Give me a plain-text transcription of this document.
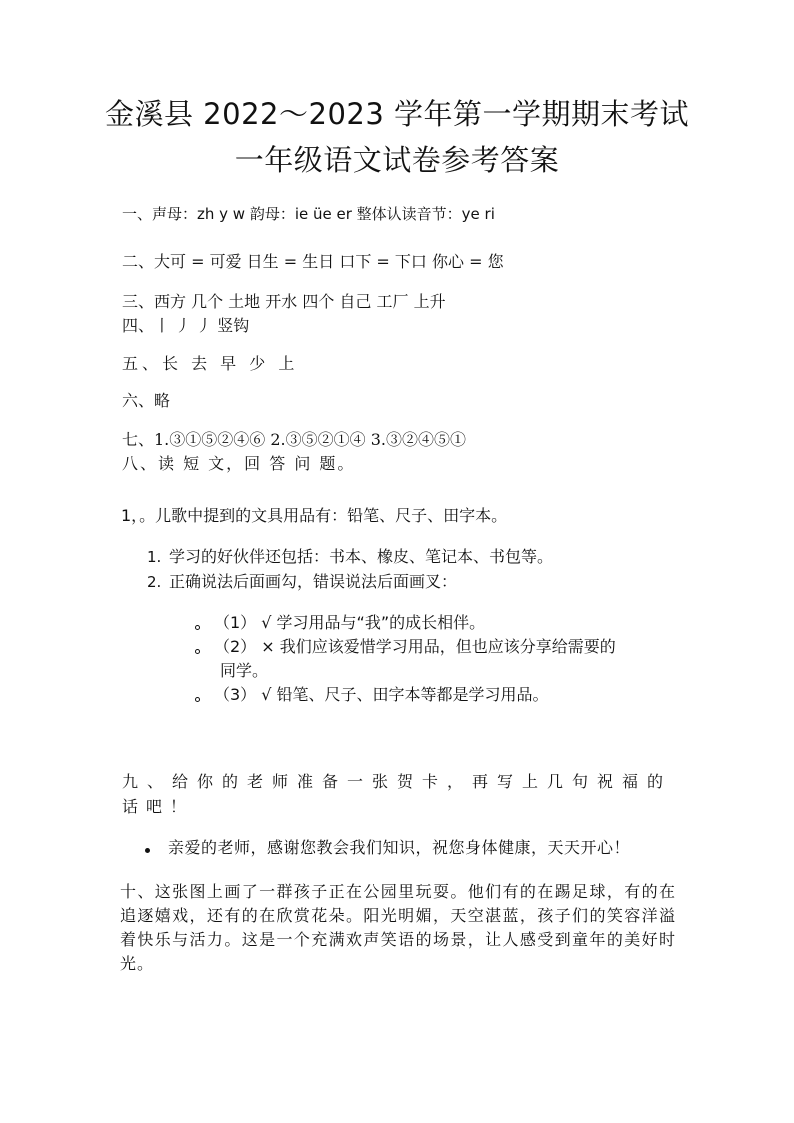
金溪县 2022～2023 学年第一学期期末考试
一年级语文试卷参考答案
一、声母：zh y w 韵母：ie üe er 整体认读音节：ye ri
二、大可 = 可爱 日生 = 生日 口下 = 下口 你心 = 您
三、西方 几个 土地 开水 四个 自己 工厂 上升
四、丨 丿 丿 竖钩
五、长 去 早 少 上
六、略
七、1.③①⑤②④⑥ 2.③⑤②①④ 3.③②④⑤①
八、读 短 文，回 答 问 题。
1，。儿歌中提到的文具用品有：铅笔、尺子、田字本。
1. 学习的好伙伴还包括：书本、橡皮、笔记本、书包等。
2. 正确说法后面画勾，错误说法后面画叉：
（1） √ 学习用品与“我”的成长相伴。
（2） × 我们应该爱惜学习用品，但也应该分享给需要的
同学。
（3） √ 铅笔、尺子、田字本等都是学习用品。
九、给你的老师准备一张贺卡，再写上几句祝福的
话吧！
亲爱的老师，感谢您教会我们知识，祝您身体健康，天天开心！
十、这张图上画了一群孩子正在公园里玩耍。他们有的在踢足球，有的在追逐嬉戏，还有的在欣赏花朵。阳光明媚，天空湛蓝，孩子们的笑容洋溢着快乐与活力。这是一个充满欢声笑语的场景，让人感受到童年的美好时光。
